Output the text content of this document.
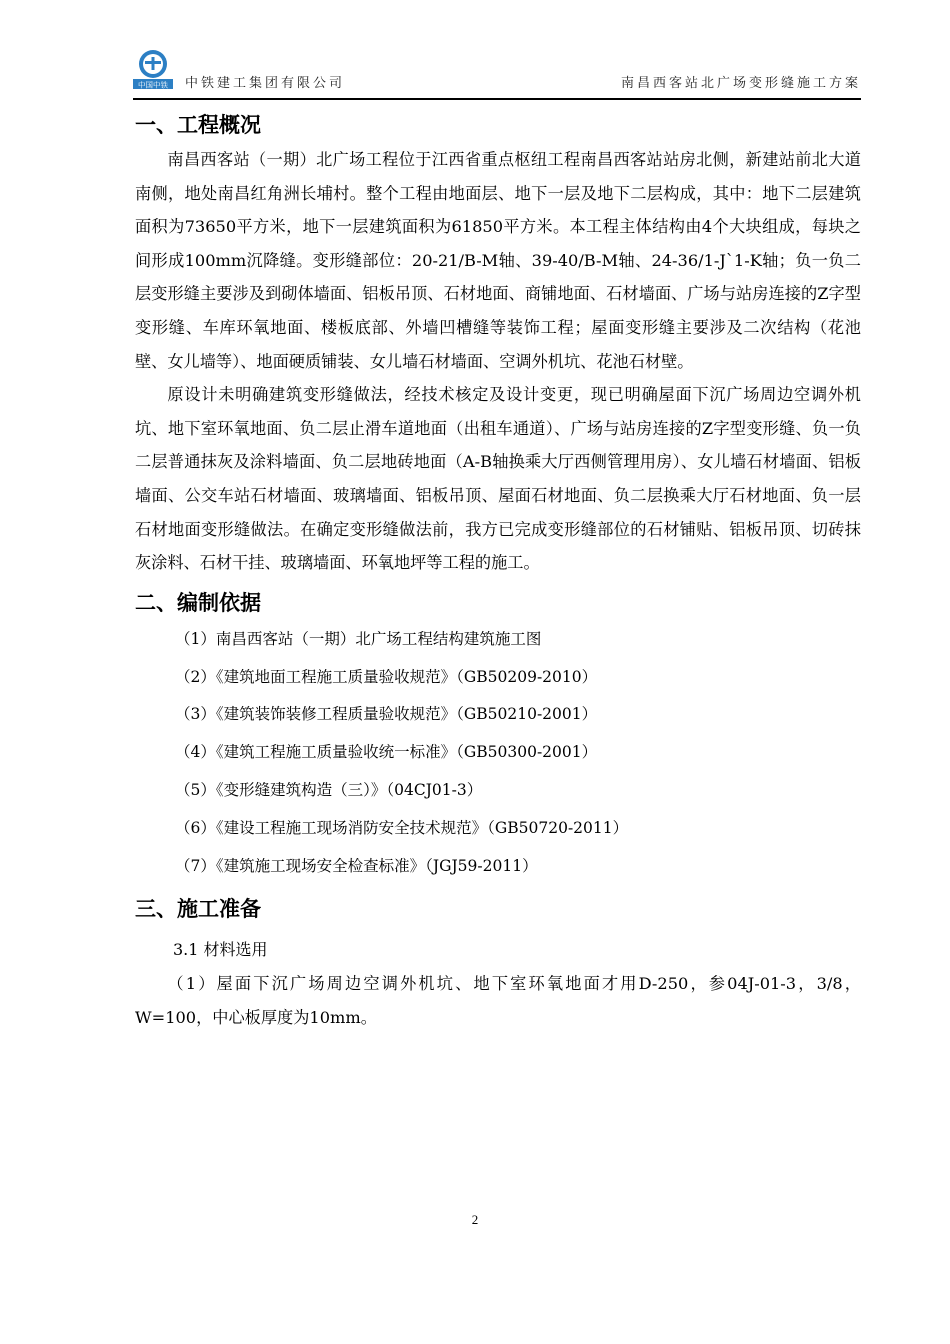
中国中铁 中铁建工集团有限公司	南昌西客站北广场变形缝施工方案
一、工程概况

南昌西客站（一期）北广场工程位于江西省重点枢纽工程南昌西客站站房北侧，新建站前北大道南侧，地处南昌红角洲长埔村。整个工程由地面层、地下一层及地下二层构成，其中：地下二层建筑面积为73650平方米，地下一层建筑面积为61850平方米。本工程主体结构由4个大块组成，每块之间形成100mm沉降缝。变形缝部位：20-21/B-M轴、39-40/B-M轴、24-36/1-J`1-K轴；负一负二层变形缝主要涉及到砌体墙面、铝板吊顶、石材地面、商铺地面、石材墙面、广场与站房连接的Z字型变形缝、车库环氧地面、楼板底部、外墙凹槽缝等装饰工程；屋面变形缝主要涉及二次结构（花池壁、女儿墙等）、地面硬质铺装、女儿墙石材墙面、空调外机坑、花池石材壁。

原设计未明确建筑变形缝做法，经技术核定及设计变更，现已明确屋面下沉广场周边空调外机坑、地下室环氧地面、负二层止滑车道地面（出租车通道）、广场与站房连接的Z字型变形缝、负一负二层普通抹灰及涂料墙面、负二层地砖地面（A-B轴换乘大厅西侧管理用房）、女儿墙石材墙面、铝板墙面、公交车站石材墙面、玻璃墙面、铝板吊顶、屋面石材地面、负二层换乘大厅石材地面、负一层石材地面变形缝做法。在确定变形缝做法前，我方已完成变形缝部位的石材铺贴、铝板吊顶、切砖抹灰涂料、石材干挂、玻璃墙面、环氧地坪等工程的施工。

二、编制依据
（1）南昌西客站（一期）北广场工程结构建筑施工图
（2）《建筑地面工程施工质量验收规范》（GB50209-2010）
（3）《建筑装饰装修工程质量验收规范》（GB50210-2001）
（4）《建筑工程施工质量验收统一标准》（GB50300-2001）
（5）《变形缝建筑构造（三）》（04CJ01-3）
（6）《建设工程施工现场消防安全技术规范》（GB50720-2011）
（7）《建筑施工现场安全检查标准》（JGJ59-2011）
三、施工准备
3.1 材料选用

（1）屋面下沉广场周边空调外机坑、地下室环氧地面才用D-250，参04J-01-3，3/8，W=100，中心板厚度为10mm。

2
